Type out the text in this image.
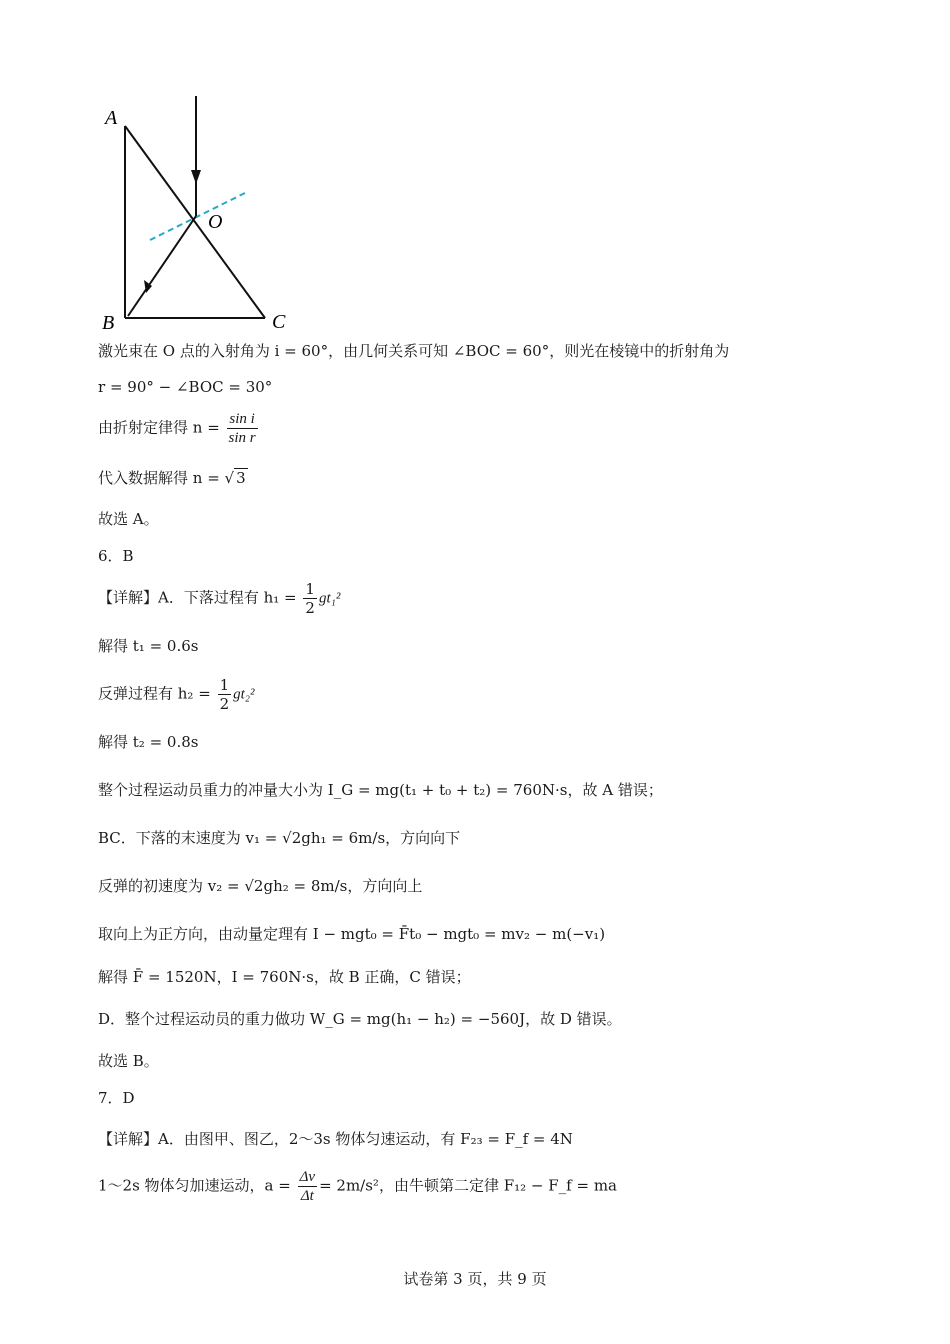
A
B	C
O
激光束在 O 点的入射角为 i = 60°，由几何关系可知 ∠BOC = 60°，则光在棱镜中的折射角为
r = 90° − ∠BOC = 30°
由折射定律得 $n = \frac{\text{sin i}}{\text{sin r}}$
代入数据解得 n = √ 3
故选 A。
6．B
【详解】A．下落过程有 $h_1 = \frac{1}{2} gt_1^2$
解得 t₁ = 0.6s
反弹过程有 $h_2 = \frac{1}{2} gt_2^2$
解得 t₂ = 0.8s
整个过程运动员重力的冲量大小为 I_G = mg(t₁ + t₀ + t₂) = 760N·s，故 A 错误；
BC．下落的末速度为 v₁ = √2gh₁ = 6m/s，方向向下
反弹的初速度为 v₂ = √2gh₂ = 8m/s，方向向上
取向上为正方向，由动量定理有 I − mgt₀ = F̄t₀ − mgt₀ = mv₂ − m(−v₁)
解得 F̄ = 1520N，I = 760N·s，故 B 正确，C 错误；
D．整个过程运动员的重力做功 W_G = mg(h₁ − h₂) = −560J，故 D 错误。
故选 B。
7．D
【详解】A．由图甲、图乙，2～3s 物体匀速运动，有 F₂₃ = F_f = 4N
1～2s 物体匀加速运动，$a = \frac{\Delta v}{\Delta t} = 2m/s^2$，由牛顿第二定律 F₁₂ − F_f = ma
试卷第 3 页，共 9 页
